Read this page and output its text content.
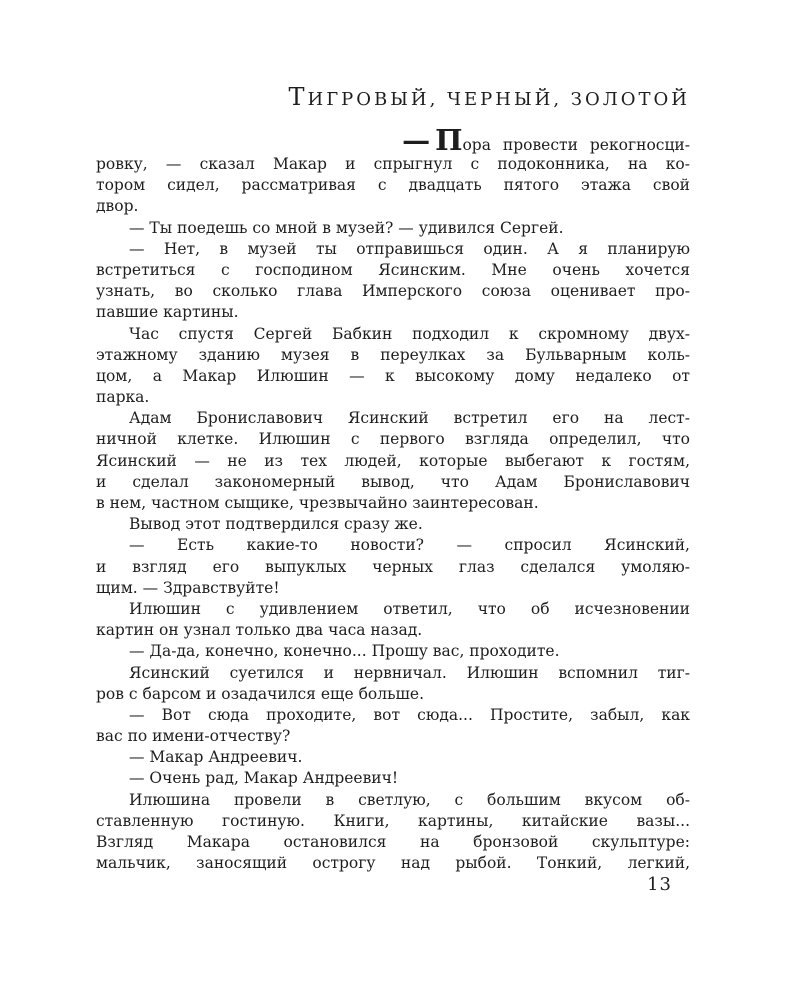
ТИГРОВЫЙ, ЧЕРНЫЙ, ЗОЛОТОЙ
— Пора провести рекогносци-
ровку, — сказал Макар и спрыгнул с подоконника, на ко-
тором сидел, рассматривая с двадцать пятого этажа свой
двор.
— Ты поедешь со мной в музей? — удивился Сергей.
— Нет, в музей ты отправишься один. А я планирую
встретиться с господином Ясинским. Мне очень хочется
узнать, во сколько глава Имперского союза оценивает про-
павшие картины.
Час спустя Сергей Бабкин подходил к скромному двух-
этажному зданию музея в переулках за Бульварным коль-
цом, а Макар Илюшин — к высокому дому недалеко от
парка.
Адам Брониславович Ясинский встретил его на лест-
ничной клетке. Илюшин с первого взгляда определил, что
Ясинский — не из тех людей, которые выбегают к гостям,
и сделал закономерный вывод, что Адам Брониславович
в нем, частном сыщике, чрезвычайно заинтересован.
Вывод этот подтвердился сразу же.
— Есть какие-то новости? — спросил Ясинский,
и взгляд его выпуклых черных глаз сделался умоляю-
щим. — Здравствуйте!
Илюшин с удивлением ответил, что об исчезновении
картин он узнал только два часа назад.
— Да-да, конечно, конечно... Прошу вас, проходите.
Ясинский суетился и нервничал. Илюшин вспомнил тиг-
ров с барсом и озадачился еще больше.
— Вот сюда проходите, вот сюда... Простите, забыл, как
вас по имени-отчеству?
— Макар Андреевич.
— Очень рад, Макар Андреевич!
Илюшина провели в светлую, с большим вкусом об-
ставленную гостиную. Книги, картины, китайские вазы...
Взгляд Макара остановился на бронзовой скульптуре:
мальчик, заносящий острогу над рыбой. Тонкий, легкий,
13
